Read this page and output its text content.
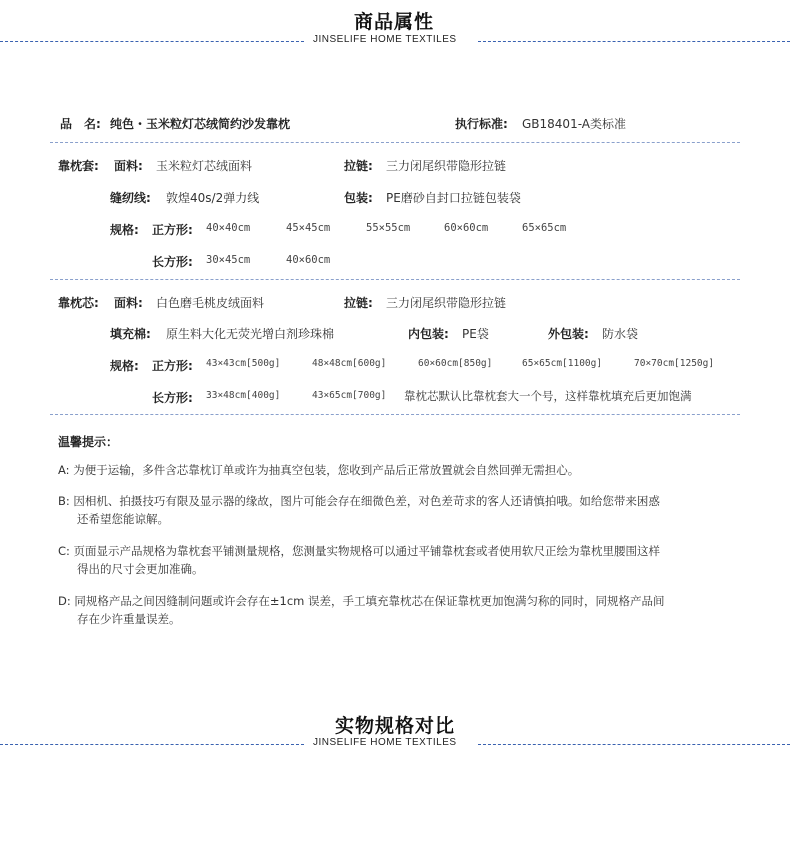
商品属性
JINSELIFE HOME TEXTILES
品　名: 纯色・玉米粒灯芯绒简约沙发靠枕	执行标准: GB18401-A类标准
靠枕套: 面料: 玉米粒灯芯绒面料	拉链: 三力闭尾织带隐形拉链
缝纫线: 敦煌40s/2弹力线	包装: PE磨砂自封口拉链包装袋
规格: 正方形: 40×40cm	45×45cm	55×55cm	60×60cm	65×65cm
长方形: 30×45cm	40×60cm
靠枕芯: 面料: 白色磨毛桃皮绒面料	拉链: 三力闭尾织带隐形拉链
填充棉: 原生料大化无荧光增白剂珍珠棉	内包装: PE袋	外包装: 防水袋
规格: 正方形: 43×43cm[500g]	48×48cm[600g]	60×60cm[850g]	65×65cm[1100g]	70×70cm[1250g]
长方形: 33×48cm[400g]	43×65cm[700g] 靠枕芯默认比靠枕套大一个号，这样靠枕填充后更加饱满
温馨提示：
A: 为便于运输，多件含芯靠枕订单或许为抽真空包装，您收到产品后正常放置就会自然回弹无需担心。
B: 因相机、拍摄技巧有限及显示器的缘故，图片可能会存在细微色差，对色差苛求的客人还请慎拍哦。如给您带来困惑
还希望您能谅解。
C: 页面显示产品规格为靠枕套平铺测量规格，您测量实物规格可以通过平铺靠枕套或者使用软尺正绘为靠枕里腰围这样
得出的尺寸会更加准确。
D: 同规格产品之间因缝制问题或许会存在±1cm 误差，手工填充靠枕芯在保证靠枕更加饱满匀称的同时，同规格产品间
存在少许重量误差。
实物规格对比
JINSELIFE HOME TEXTILES
